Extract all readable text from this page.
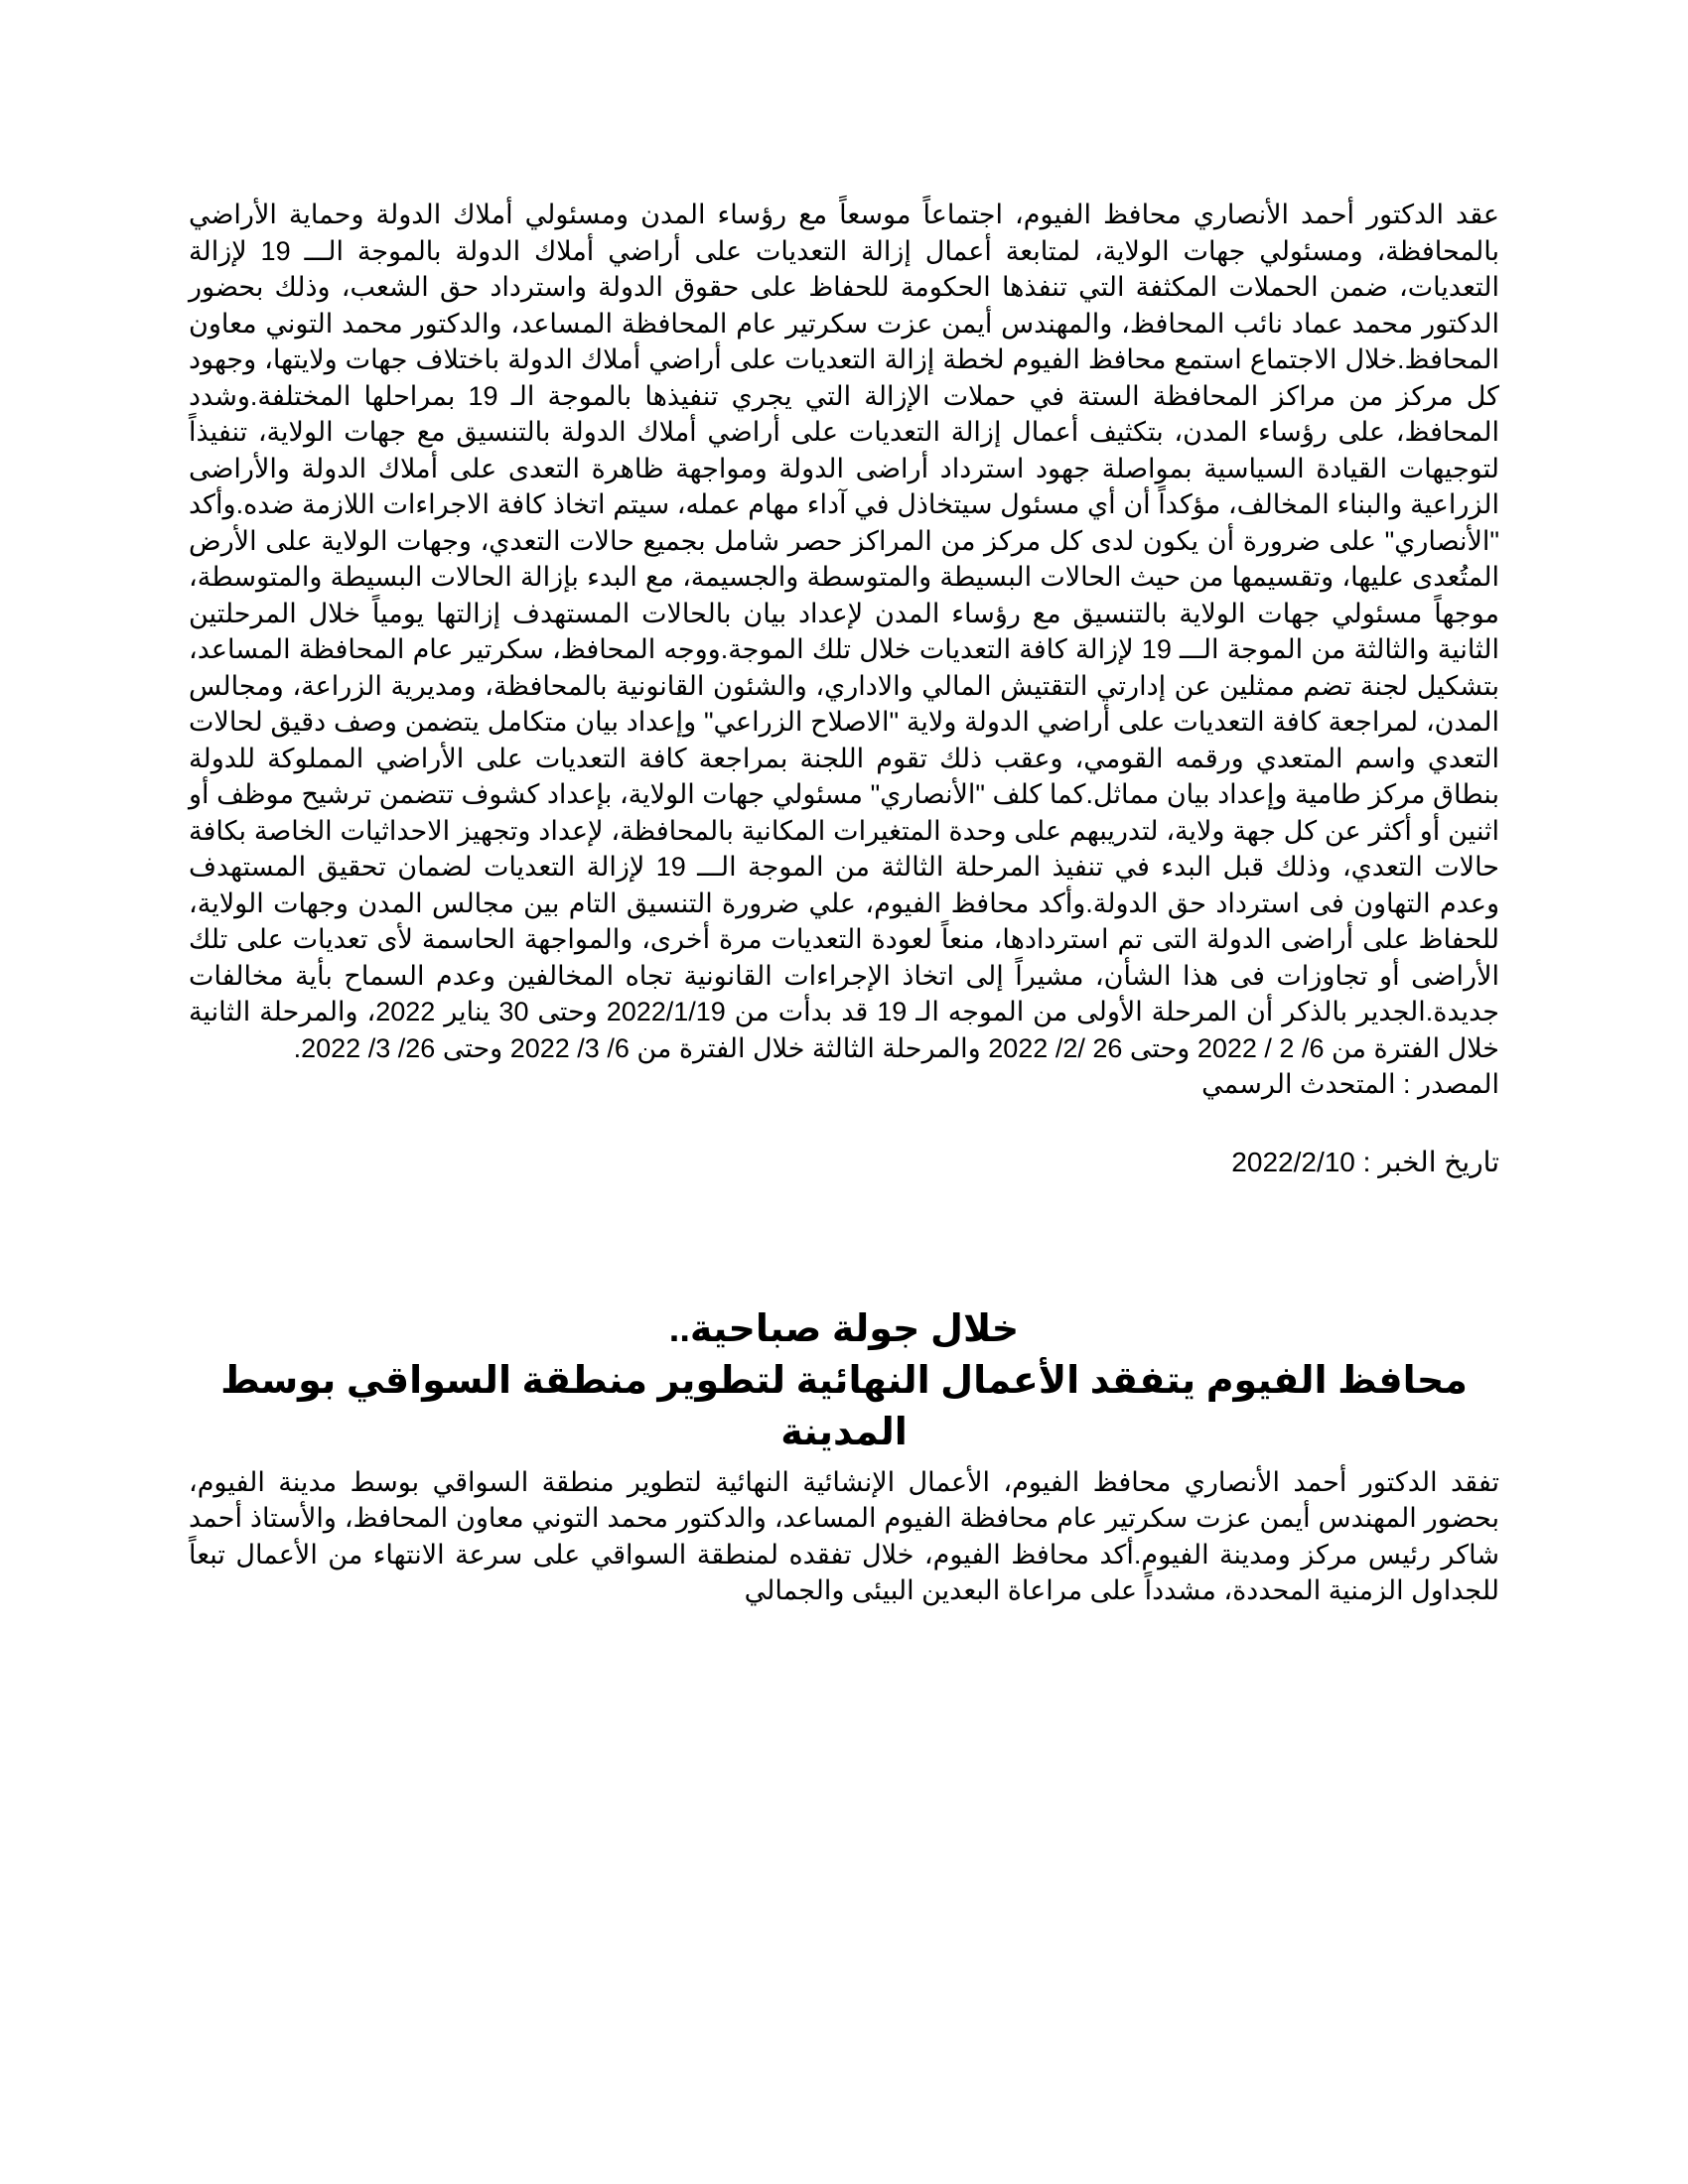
عقد الدكتور أحمد الأنصاري محافظ الفيوم، اجتماعاً موسعاً مع رؤساء المدن ومسئولي أملاك الدولة وحماية الأراضي بالمحافظة، ومسئولي جهات الولاية، لمتابعة أعمال إزالة التعديات على أراضي أملاك الدولة بالموجة الـــ 19 لإزالة التعديات، ضمن الحملات المكثفة التي تنفذها الحكومة للحفاظ على حقوق الدولة واسترداد حق الشعب، وذلك بحضور الدكتور محمد عماد نائب المحافظ، والمهندس أيمن عزت سكرتير عام المحافظة المساعد، والدكتور محمد التوني معاون المحافظ.خلال الاجتماع استمع محافظ الفيوم لخطة إزالة التعديات على أراضي أملاك الدولة باختلاف جهات ولايتها، وجهود كل مركز من مراكز المحافظة الستة في حملات الإزالة التي يجري تنفيذها بالموجة الـ 19 بمراحلها المختلفة.وشدد المحافظ، على رؤساء المدن، بتكثيف أعمال إزالة التعديات على أراضي أملاك الدولة بالتنسيق مع جهات الولاية، تنفيذاً لتوجيهات القيادة السياسية بمواصلة جهود استرداد أراضى الدولة ومواجهة ظاهرة التعدى على أملاك الدولة والأراضى الزراعية والبناء المخالف، مؤكداً أن أي مسئول سيتخاذل في آداء مهام عمله، سيتم اتخاذ كافة الاجراءات اللازمة ضده.وأكد "الأنصاري" على ضرورة أن يكون لدى كل مركز من المراكز حصر شامل بجميع حالات التعدي، وجهات الولاية على الأرض المتُعدى عليها، وتقسيمها من حيث الحالات البسيطة والمتوسطة والجسيمة، مع البدء بإزالة الحالات البسيطة والمتوسطة، موجهاً مسئولي جهات الولاية بالتنسيق مع رؤساء المدن لإعداد بيان بالحالات المستهدف إزالتها يومياً خلال المرحلتين الثانية والثالثة من الموجة الـــ 19 لإزالة كافة التعديات خلال تلك الموجة.ووجه المحافظ، سكرتير عام المحافظة المساعد، بتشكيل لجنة تضم ممثلين عن إدارتي التقتيش المالي والاداري، والشئون القانونية بالمحافظة، ومديرية الزراعة، ومجالس المدن، لمراجعة كافة التعديات على أراضي الدولة ولاية "الاصلاح الزراعي" وإعداد بيان متكامل يتضمن وصف دقيق لحالات التعدي واسم المتعدي ورقمه القومي، وعقب ذلك تقوم اللجنة بمراجعة كافة التعديات على الأراضي المملوكة للدولة بنطاق مركز طامية وإعداد بيان مماثل.كما كلف "الأنصاري" مسئولي جهات الولاية، بإعداد كشوف تتضمن ترشيح موظف أو اثنين أو أكثر عن كل جهة ولاية، لتدريبهم على وحدة المتغيرات المكانية بالمحافظة، لإعداد وتجهيز الاحداثيات الخاصة بكافة حالات التعدي، وذلك قبل البدء في تنفيذ المرحلة الثالثة من الموجة الـــ 19 لإزالة التعديات لضمان تحقيق المستهدف وعدم التهاون فى استرداد حق الدولة.وأكد محافظ الفيوم، علي ضرورة التنسيق التام بين مجالس المدن وجهات الولاية، للحفاظ على أراضى الدولة التى تم استردادها، منعاً لعودة التعديات مرة أخرى، والمواجهة الحاسمة لأى تعديات على تلك الأراضى أو تجاوزات فى هذا الشأن، مشيراً إلى اتخاذ الإجراءات القانونية تجاه المخالفين وعدم السماح بأية مخالفات جديدة.الجدير بالذكر أن المرحلة الأولى من الموجه الـ 19 قد بدأت من 2022/1/19 وحتى 30 يناير 2022، والمرحلة الثانية خلال الفترة من 6/ 2 / 2022 وحتى 26 /2/ 2022 والمرحلة الثالثة خلال الفترة من 6/ 3/ 2022 وحتى 26/ 3/ 2022.

المصدر : المتحدث الرسمي

تاريخ الخبر : 2022/2/10

خلال جولة صباحية..

محافظ الفيوم يتفقد الأعمال النهائية لتطوير منطقة السواقي بوسط المدينة

تفقد الدكتور أحمد الأنصاري محافظ الفيوم، الأعمال الإنشائية النهائية لتطوير منطقة السواقي بوسط مدينة الفيوم، بحضور المهندس أيمن عزت سكرتير عام محافظة الفيوم المساعد، والدكتور محمد التوني معاون المحافظ، والأستاذ أحمد شاكر رئيس مركز ومدينة الفيوم.أكد محافظ الفيوم، خلال تفقده لمنطقة السواقي على سرعة الانتهاء من الأعمال تبعاً للجداول الزمنية المحددة، مشدداً على مراعاة البعدين البيئى والجمالي
